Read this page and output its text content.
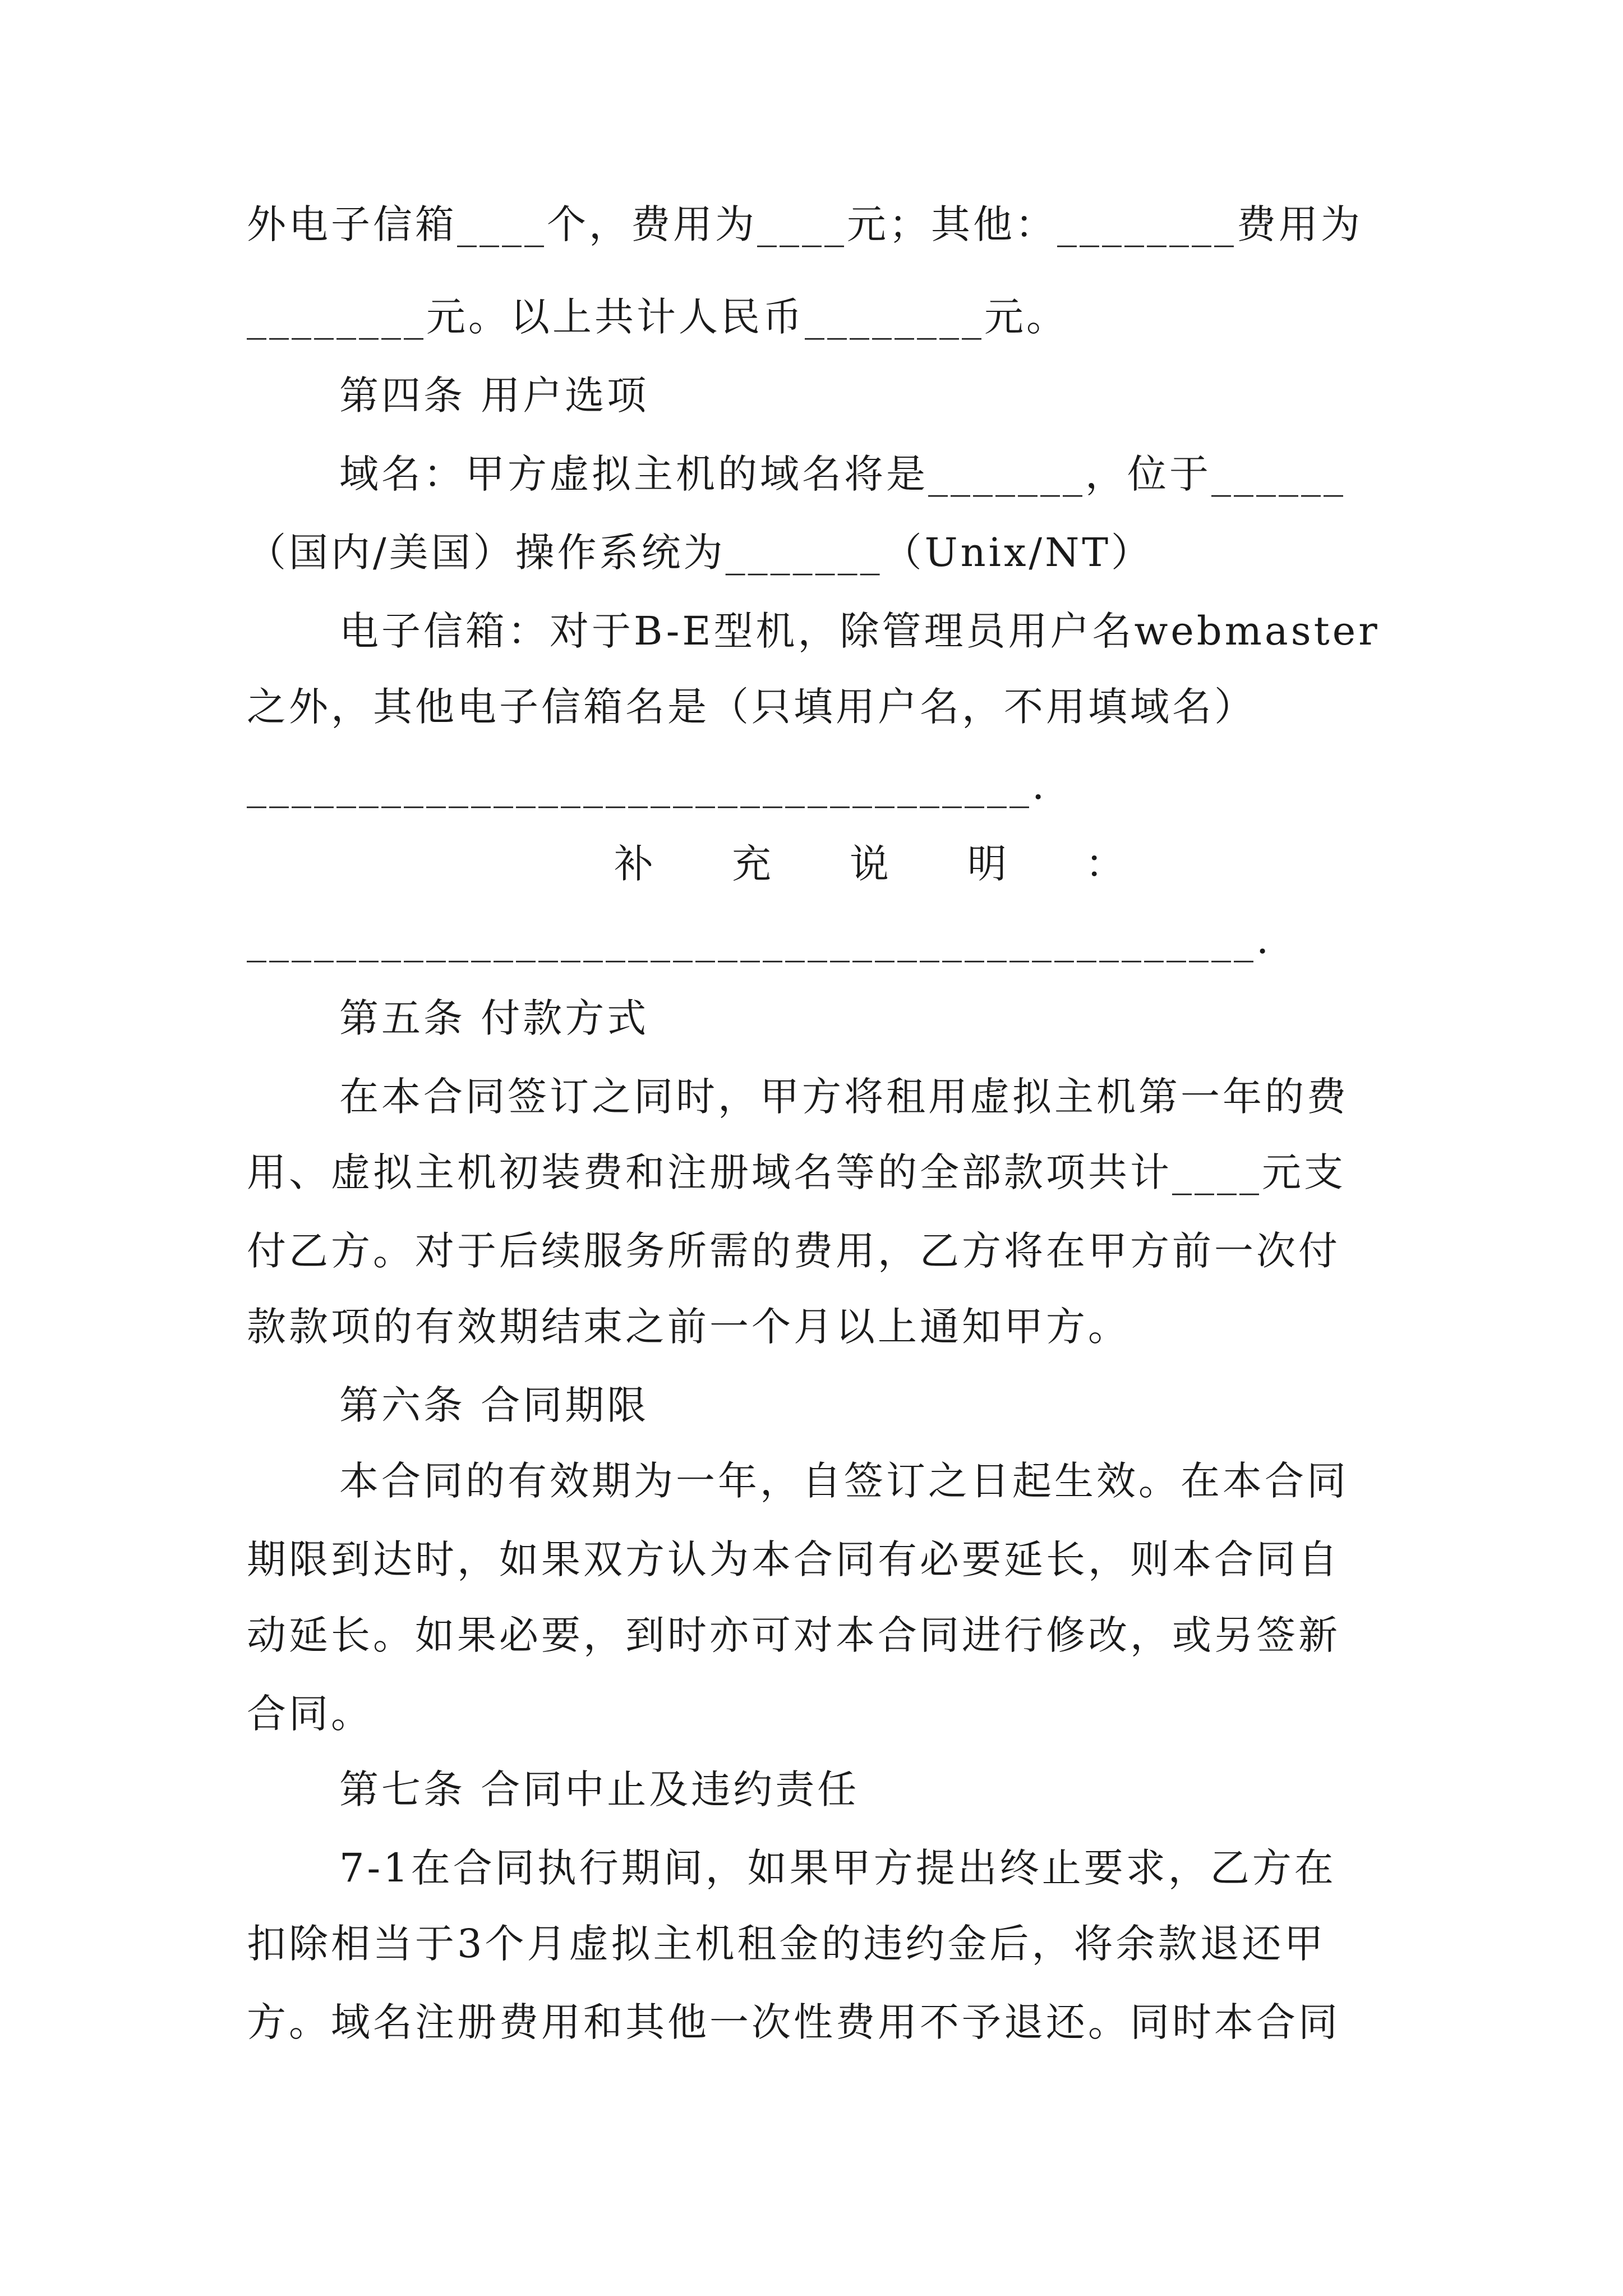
外电子信箱____个，费用为____元；其他：________费用为
________元。以上共计人民币________元。
第四条 用户选项
域名：甲方虚拟主机的域名将是_______，位于______
（国内/美国）操作系统为_______（Unix/NT）
电子信箱：对于B-E型机，除管理员用户名webmaster
之外，其他电子信箱名是（只填用户名，不用填域名）
___________________________________.
补　　充　　说　　明　　：
_____________________________________________.
第五条 付款方式
在本合同签订之同时，甲方将租用虚拟主机第一年的费
用、虚拟主机初装费和注册域名等的全部款项共计____元支
付乙方。对于后续服务所需的费用，乙方将在甲方前一次付
款款项的有效期结束之前一个月以上通知甲方。
第六条 合同期限
本合同的有效期为一年，自签订之日起生效。在本合同
期限到达时，如果双方认为本合同有必要延长，则本合同自
动延长。如果必要，到时亦可对本合同进行修改，或另签新
合同。
第七条 合同中止及违约责任
7-1在合同执行期间，如果甲方提出终止要求，乙方在
扣除相当于3个月虚拟主机租金的违约金后，将余款退还甲
方。域名注册费用和其他一次性费用不予退还。同时本合同
